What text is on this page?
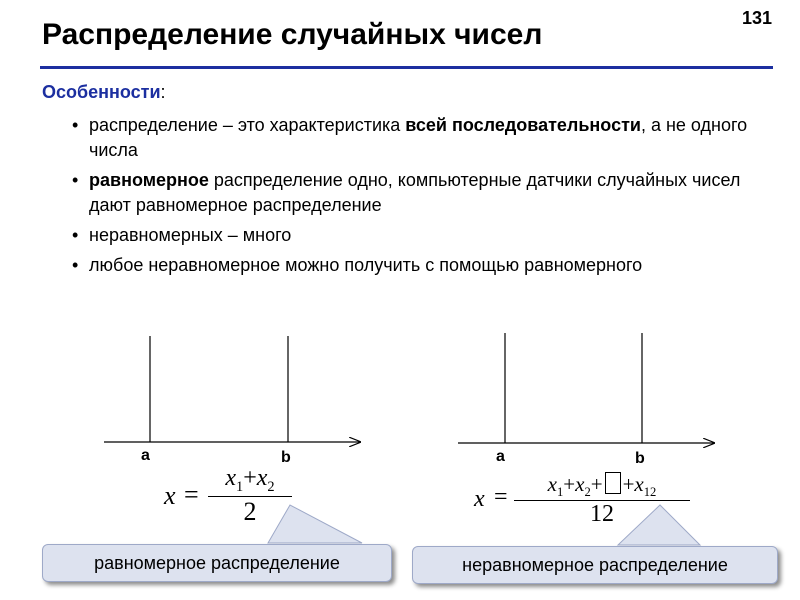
131
Распределение случайных чисел
Особенности:
• распределение – это характеристика всей последовательности, а не одного числа
• равномерное распределение одно, компьютерные датчики случайных чисел дают равномерное распределение
• неравномерных – много
• любое неравномерное можно получить с помощью равномерного
a	b	a	b
$x = \frac{x_1+x_2}{2}$	$x = \frac{x_1+x_2+ +x_{12}}{12}$
равномерное распределение	неравномерное распределение
